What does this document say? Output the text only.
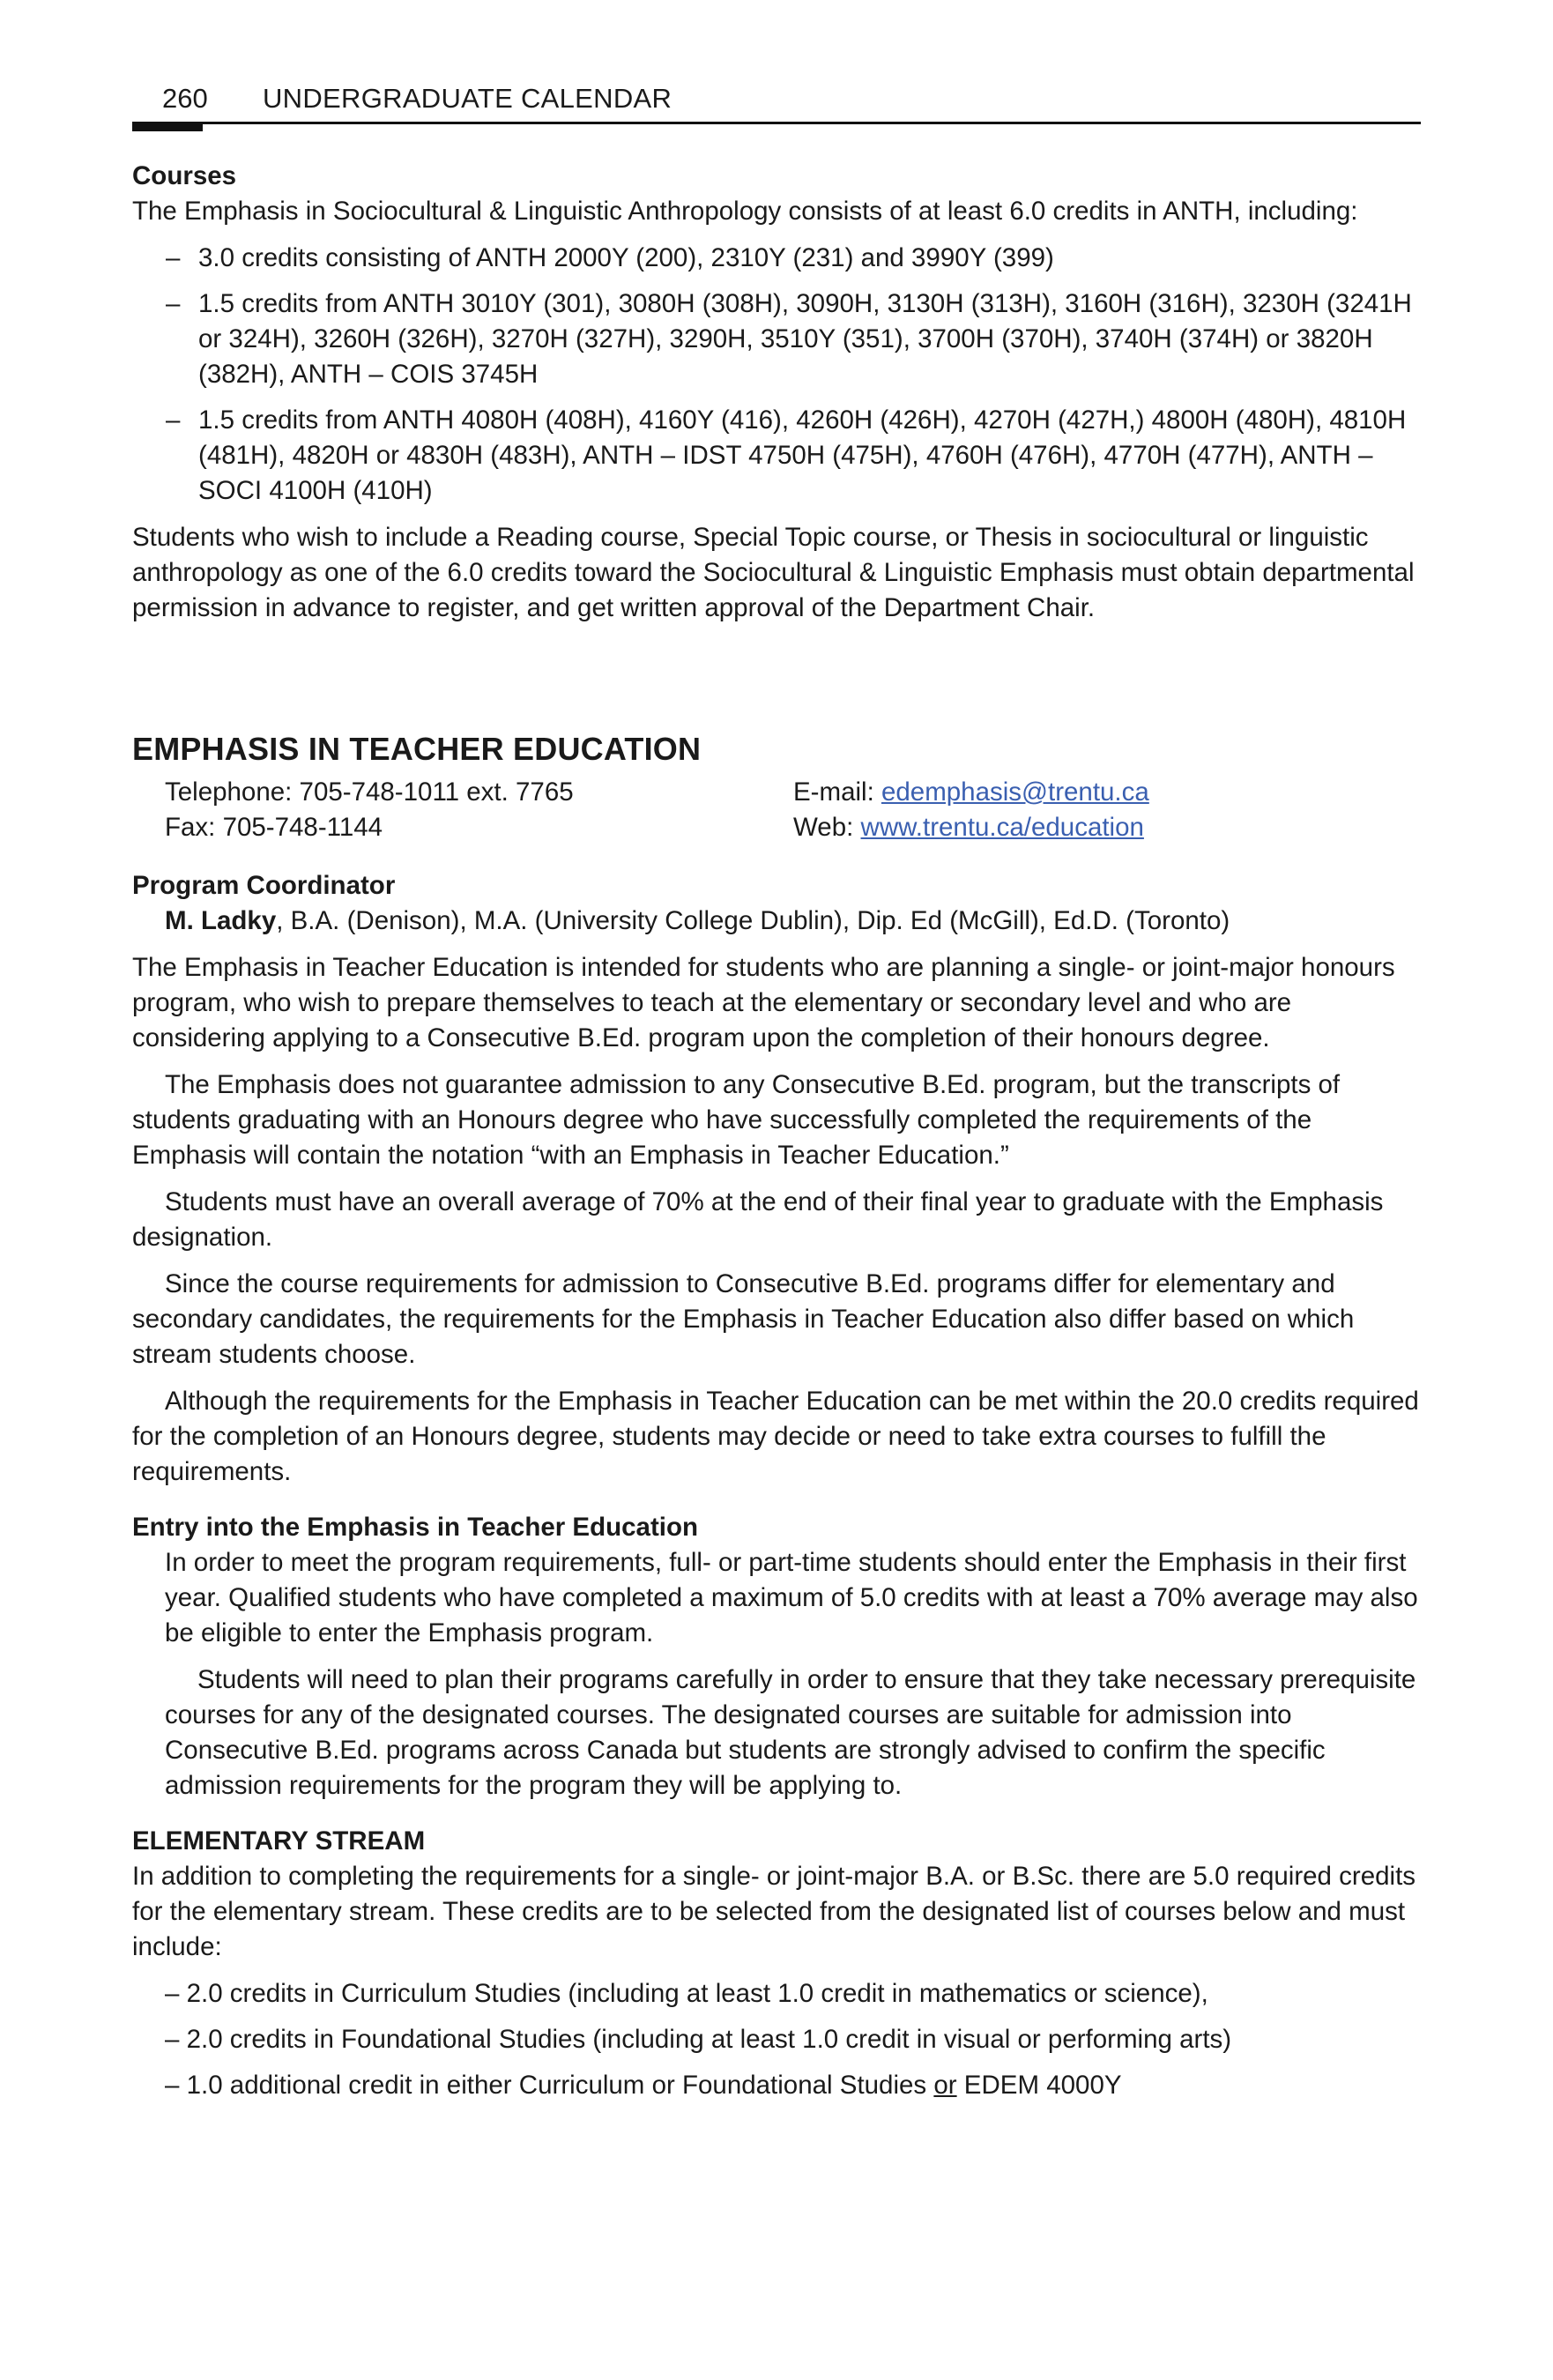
260 UNDERGRADUATE CALENDAR

Courses

The Emphasis in Sociocultural & Linguistic Anthropology consists of at least 6.0 credits in ANTH, including:

– 3.0 credits consisting of ANTH 2000Y (200), 2310Y (231) and 3990Y (399)
– 1.5 credits from ANTH 3010Y (301), 3080H (308H), 3090H, 3130H (313H), 3160H (316H), 3230H (3241H or 324H), 3260H (326H), 3270H (327H), 3290H, 3510Y (351), 3700H (370H), 3740H (374H) or 3820H (382H), ANTH – COIS 3745H
– 1.5 credits from ANTH 4080H (408H), 4160Y (416), 4260H (426H), 4270H (427H,) 4800H (480H), 4810H (481H), 4820H or 4830H (483H), ANTH – IDST 4750H (475H), 4760H (476H), 4770H (477H), ANTH – SOCI 4100H (410H)

Students who wish to include a Reading course, Special Topic course, or Thesis in sociocultural or linguistic anthropology as one of the 6.0 credits toward the Sociocultural & Linguistic Emphasis must obtain departmental permission in advance to register, and get written approval of the Department Chair.

EMPHASIS IN TEACHER EDUCATION

Telephone: 705-748-1011 ext. 7765
Fax: 705-748-1144
E-mail: edemphasis@trentu.ca
Web: www.trentu.ca/education

Program Coordinator

M. Ladky, B.A. (Denison), M.A. (University College Dublin), Dip. Ed (McGill), Ed.D. (Toronto)

The Emphasis in Teacher Education is intended for students who are planning a single- or joint-major honours program, who wish to prepare themselves to teach at the elementary or secondary level and who are considering applying to a Consecutive B.Ed. program upon the completion of their honours degree.

The Emphasis does not guarantee admission to any Consecutive B.Ed. program, but the transcripts of students graduating with an Honours degree who have successfully completed the requirements of the Emphasis will contain the notation “with an Emphasis in Teacher Education.”

Students must have an overall average of 70% at the end of their final year to graduate with the Emphasis designation.

Since the course requirements for admission to Consecutive B.Ed. programs differ for elementary and secondary candidates, the requirements for the Emphasis in Teacher Education also differ based on which stream students choose.

Although the requirements for the Emphasis in Teacher Education can be met within the 20.0 credits required for the completion of an Honours degree, students may decide or need to take extra courses to fulfill the requirements.

Entry into the Emphasis in Teacher Education

In order to meet the program requirements, full- or part-time students should enter the Emphasis in their first year. Qualified students who have completed a maximum of 5.0 credits with at least a 70% average may also be eligible to enter the Emphasis program.

Students will need to plan their programs carefully in order to ensure that they take necessary prerequisite courses for any of the designated courses. The designated courses are suitable for admission into Consecutive B.Ed. programs across Canada but students are strongly advised to confirm the specific admission requirements for the program they will be applying to.

ELEMENTARY STREAM

In addition to completing the requirements for a single- or joint-major B.A. or B.Sc. there are 5.0 required credits for the elementary stream. These credits are to be selected from the designated list of courses below and must include:

– 2.0 credits in Curriculum Studies (including at least 1.0 credit in mathematics or science),
– 2.0 credits in Foundational Studies (including at least 1.0 credit in visual or performing arts)
– 1.0 additional credit in either Curriculum or Foundational Studies or EDEM 4000Y
